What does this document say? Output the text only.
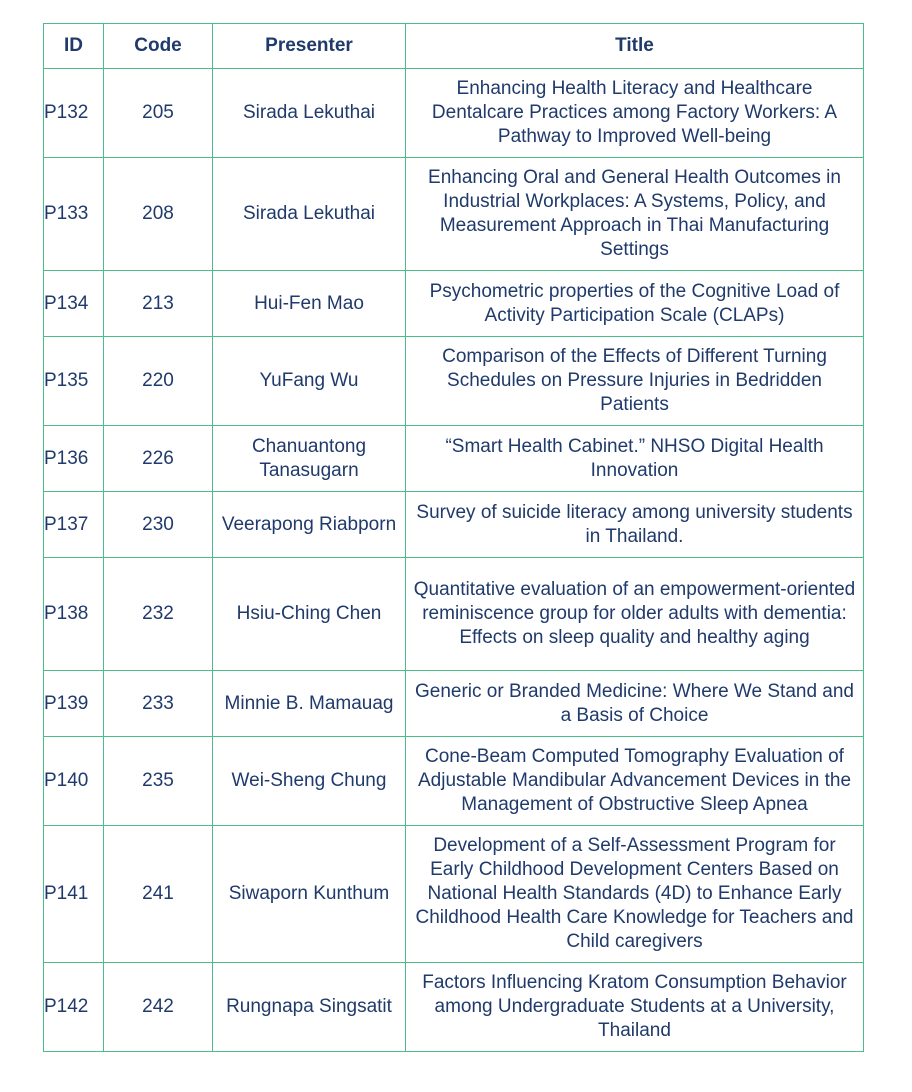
ID	Code	Presenter	Title
P132	205	Sirada Lekuthai	Enhancing Health Literacy and Healthcare Dentalcare Practices among Factory Workers: A Pathway to Improved Well-being
P133	208	Sirada Lekuthai	Enhancing Oral and General Health Outcomes in Industrial Workplaces: A Systems, Policy, and Measurement Approach in Thai Manufacturing Settings
P134	213	Hui-Fen Mao	Psychometric properties of the Cognitive Load of Activity Participation Scale (CLAPs)
P135	220	YuFang Wu	Comparison of the Effects of Different Turning Schedules on Pressure Injuries in Bedridden Patients
P136	226	Chanuantong Tanasugarn	“Smart Health Cabinet.” NHSO Digital Health Innovation
P137	230	Veerapong Riabporn	Survey of suicide literacy among university students in Thailand.
P138	232	Hsiu-Ching Chen	Quantitative evaluation of an empowerment-oriented reminiscence group for older adults with dementia: Effects on sleep quality and healthy aging
P139	233	Minnie B. Mamauag	Generic or Branded Medicine: Where We Stand and a Basis of Choice
P140	235	Wei-Sheng Chung	Cone-Beam Computed Tomography Evaluation of Adjustable Mandibular Advancement Devices in the Management of Obstructive Sleep Apnea
P141	241	Siwaporn Kunthum	Development of a Self-Assessment Program for Early Childhood Development Centers Based on National Health Standards (4D) to Enhance Early Childhood Health Care Knowledge for Teachers and Child caregivers
P142	242	Rungnapa Singsatit	Factors Influencing Kratom Consumption Behavior among Undergraduate Students at a University, Thailand
